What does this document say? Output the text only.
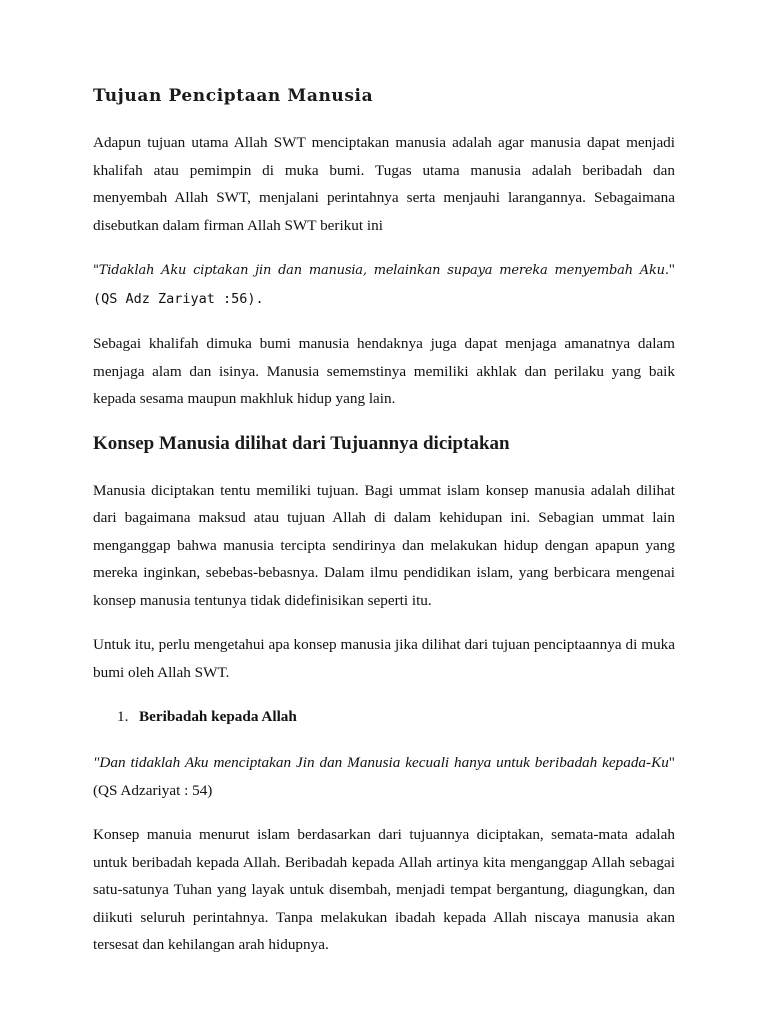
Tujuan Penciptaan Manusia

Adapun tujuan utama Allah SWT menciptakan manusia adalah agar manusia dapat menjadi khalifah atau pemimpin di muka bumi. Tugas utama manusia adalah beribadah dan menyembah Allah SWT, menjalani perintahnya serta menjauhi larangannya. Sebagaimana disebutkan dalam firman Allah SWT berikut ini

"Tidaklah Aku ciptakan jin dan manusia, melainkan supaya mereka menyembah Aku." (QS Adz Zariyat :56).

Sebagai khalifah dimuka bumi manusia hendaknya juga dapat menjaga amanatnya dalam menjaga alam dan isinya. Manusia sememstinya memiliki akhlak dan perilaku yang baik kepada sesama maupun makhluk hidup yang lain.

Konsep Manusia dilihat dari Tujuannya diciptakan

Manusia diciptakan tentu memiliki tujuan. Bagi ummat islam konsep manusia adalah dilihat dari bagaimana maksud atau tujuan Allah di dalam kehidupan ini. Sebagian ummat lain menganggap bahwa manusia tercipta sendirinya dan melakukan hidup dengan apapun yang mereka inginkan, sebebas-bebasnya. Dalam ilmu pendidikan islam, yang berbicara mengenai konsep manusia tentunya tidak didefinisikan seperti itu.

Untuk itu, perlu mengetahui apa konsep manusia jika dilihat dari tujuan penciptaannya di muka bumi oleh Allah SWT.

1. Beribadah kepada Allah

"Dan tidaklah Aku menciptakan Jin dan Manusia kecuali hanya untuk beribadah kepada-Ku" (QS Adzariyat : 54)

Konsep manuia menurut islam berdasarkan dari tujuannya diciptakan, semata-mata adalah untuk beribadah kepada Allah. Beribadah kepada Allah artinya kita menganggap Allah sebagai satu-satunya Tuhan yang layak untuk disembah, menjadi tempat bergantung, diagungkan, dan diikuti seluruh perintahnya. Tanpa melakukan ibadah kepada Allah niscaya manusia akan tersesat dan kehilangan arah hidupnya.
